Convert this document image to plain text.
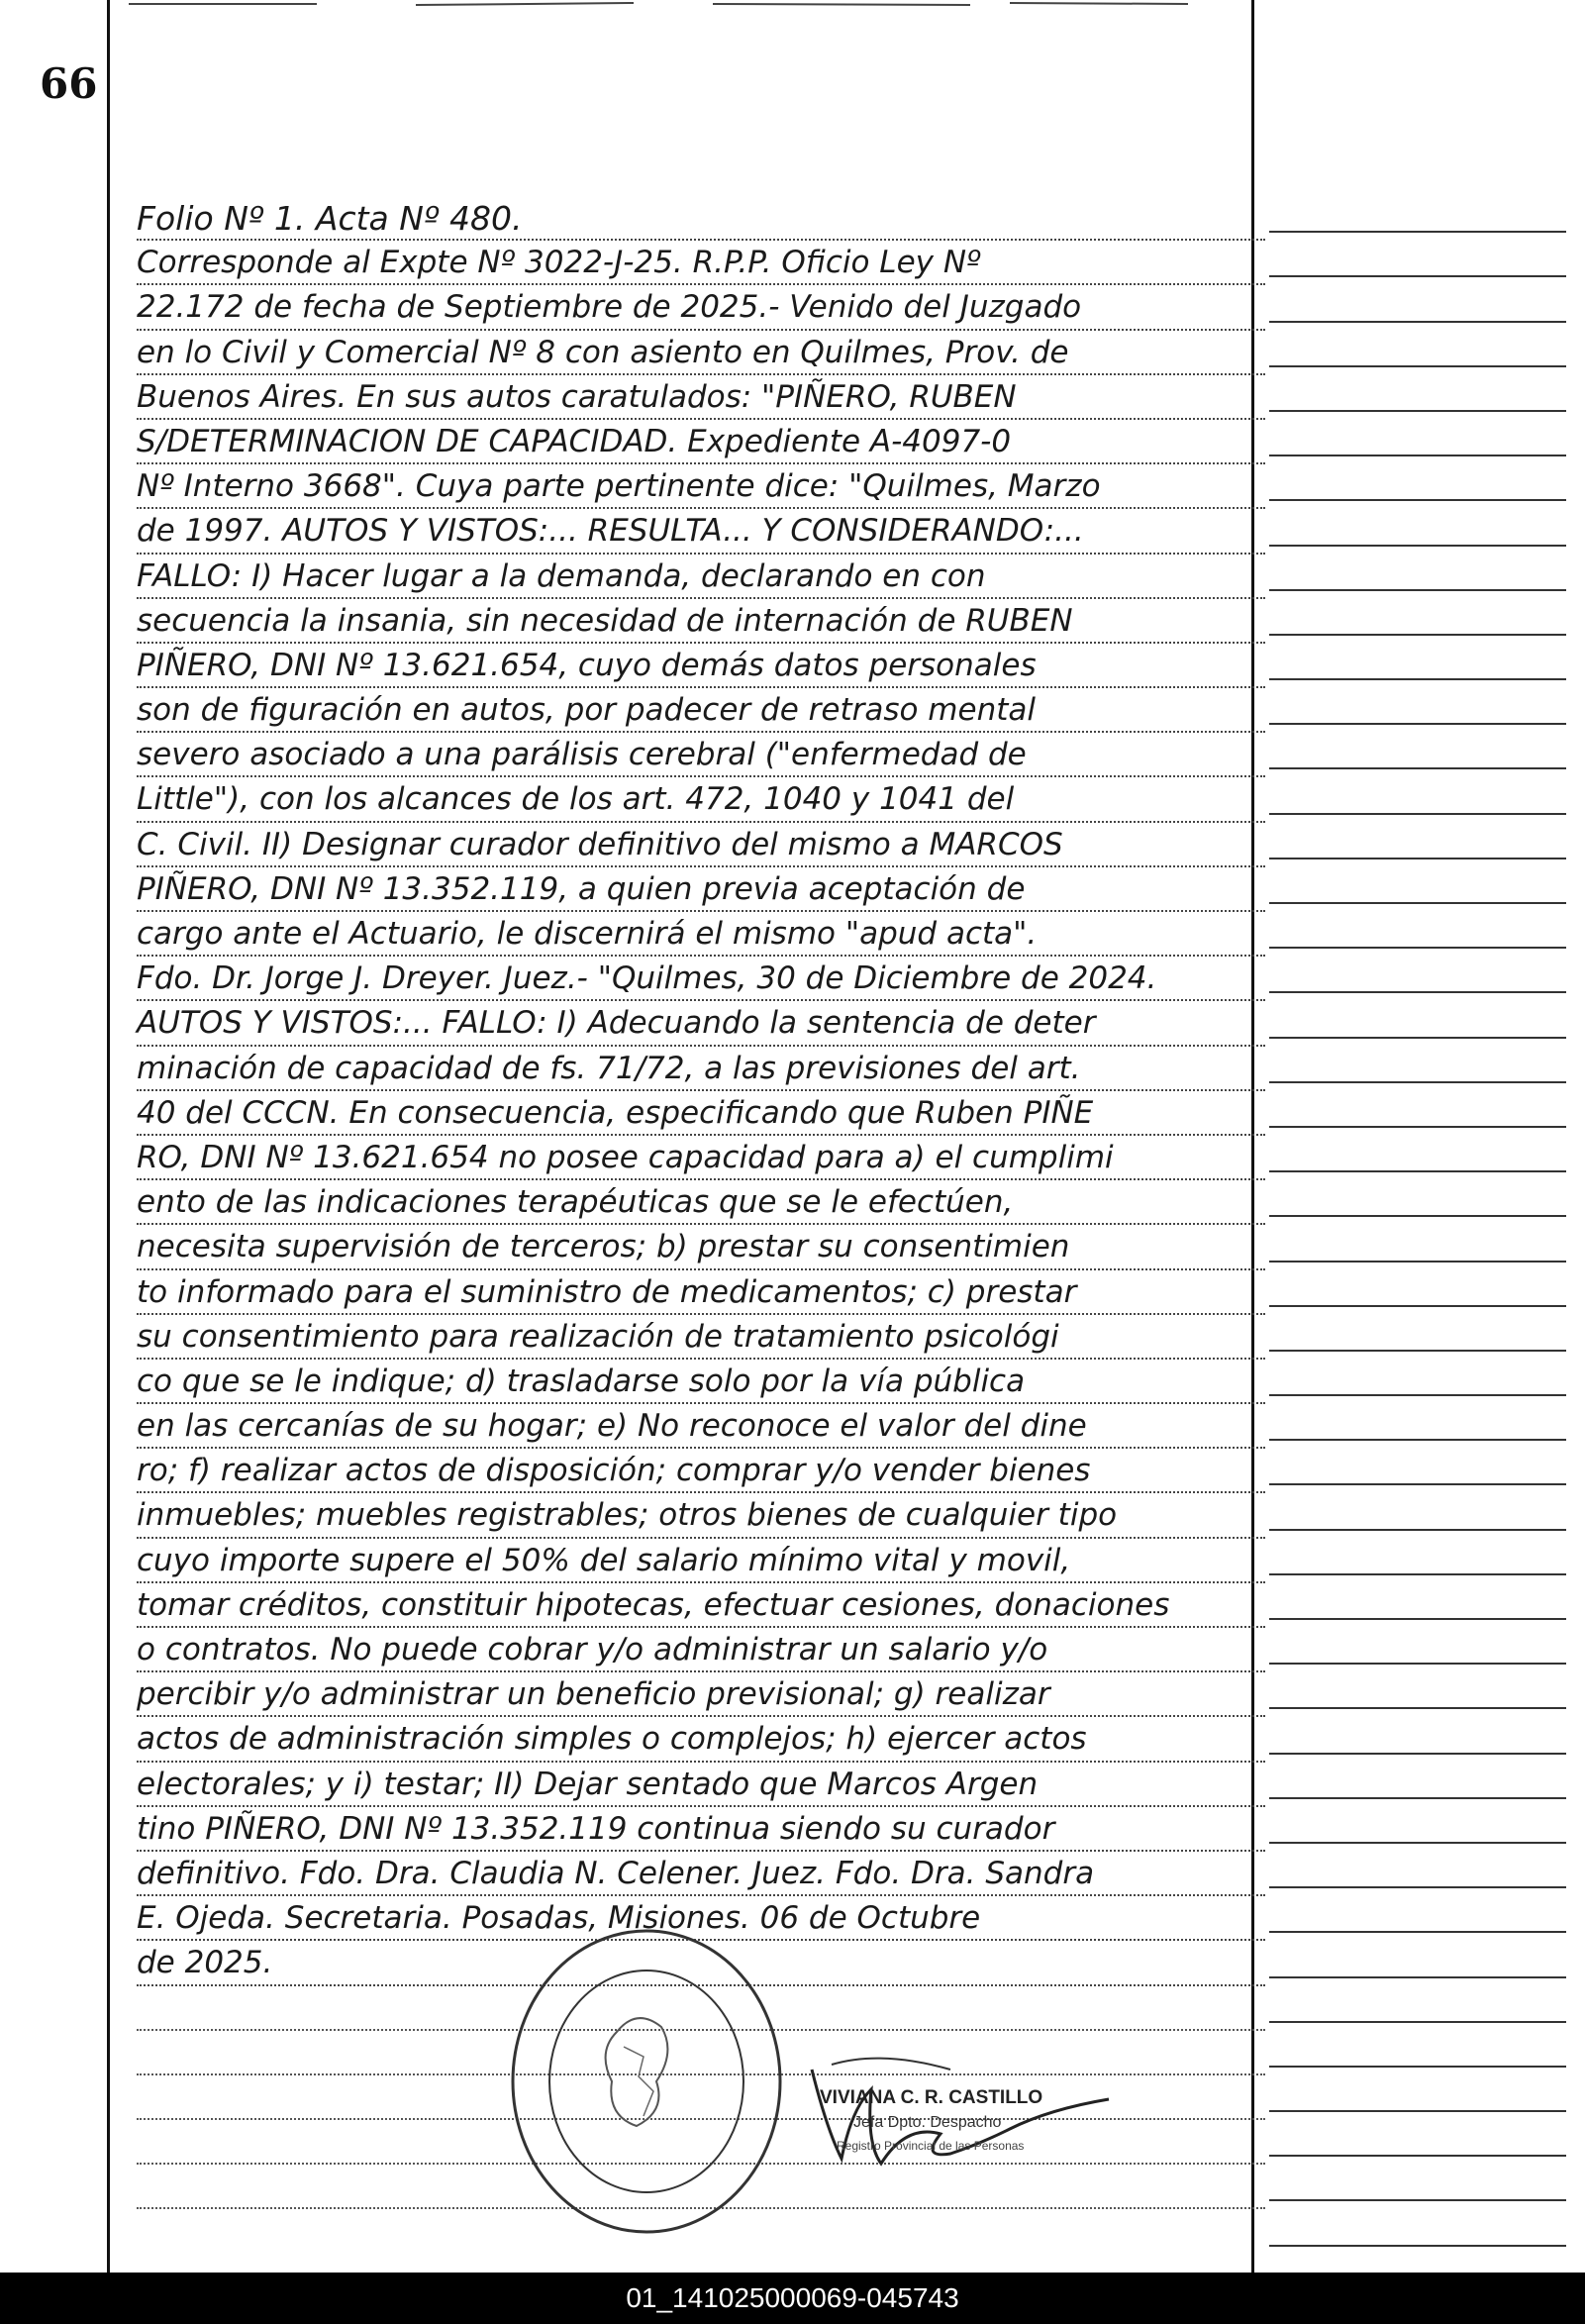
66
Folio Nº 1. Acta Nº 480.
Corresponde al Expte Nº 3022-J-25. R.P.P. Oficio Ley Nº
22.172 de fecha de Septiembre de 2025.- Venido del Juzgado
en lo Civil y Comercial Nº 8 con asiento en Quilmes, Prov. de
Buenos Aires. En sus autos caratulados: "PIÑERO, RUBEN
S/DETERMINACION DE CAPACIDAD. Expediente A-4097-0
Nº Interno 3668". Cuya parte pertinente dice: "Quilmes, Marzo
de 1997. AUTOS Y VISTOS:... RESULTA... Y CONSIDERANDO:...
FALLO: I) Hacer lugar a la demanda, declarando en con
secuencia la insania, sin necesidad de internación de RUBEN
PIÑERO, DNI Nº 13.621.654, cuyo demás datos personales
son de figuración en autos, por padecer de retraso mental
severo asociado a una parálisis cerebral ("enfermedad de
Little"), con los alcances de los art. 472, 1040 y 1041 del
C. Civil. II) Designar curador definitivo del mismo a MARCOS
PIÑERO, DNI Nº 13.352.119, a quien previa aceptación de
cargo ante el Actuario, le discernirá el mismo "apud acta".
Fdo. Dr. Jorge J. Dreyer. Juez.- "Quilmes, 30 de Diciembre de 2024.
AUTOS Y VISTOS:... FALLO: I) Adecuando la sentencia de deter
minación de capacidad de fs. 71/72, a las previsiones del art.
40 del CCCN. En consecuencia, especificando que Ruben PIÑE
RO, DNI Nº 13.621.654 no posee capacidad para a) el cumplimi
ento de las indicaciones terapéuticas que se le efectúen,
necesita supervisión de terceros; b) prestar su consentimien
to informado para el suministro de medicamentos; c) prestar
su consentimiento para realización de tratamiento psicológi
co que se le indique; d) trasladarse solo por la vía pública
en las cercanías de su hogar; e) No reconoce el valor del dine
ro; f) realizar actos de disposición; comprar y/o vender bienes
inmuebles; muebles registrables; otros bienes de cualquier tipo
cuyo importe supere el 50% del salario mínimo vital y movil,
tomar créditos, constituir hipotecas, efectuar cesiones, donaciones
o contratos. No puede cobrar y/o administrar un salario y/o
percibir y/o administrar un beneficio previsional; g) realizar
actos de administración simples o complejos; h) ejercer actos
electorales; y i) testar; II) Dejar sentado que Marcos Argen
tino PIÑERO, DNI Nº 13.352.119 continua siendo su curador
definitivo. Fdo. Dra. Claudia N. Celener. Juez. Fdo. Dra. Sandra
E. Ojeda. Secretaria. Posadas, Misiones. 06 de Octubre
de 2025.
VIVIANA C. R. CASTILLO
Jefa Dpto. Despacho
Registro Provincial de las Personas
01_141025000069-045743
